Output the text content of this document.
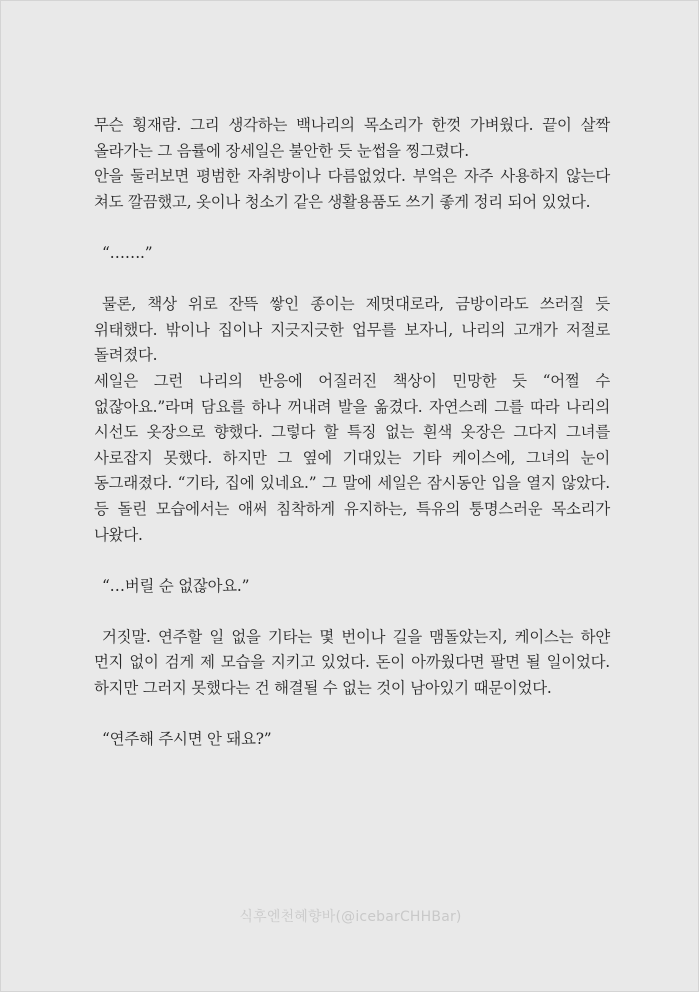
무슨 횡재람. 그리 생각하는 백나리의 목소리가 한껏 가벼웠다. 끝이 살짝 올라가는 그 음률에 장세일은 불안한 듯 눈썹을 찡그렸다.

안을 둘러보면 평범한 자취방이나 다름없었다. 부엌은 자주 사용하지 않는다 쳐도 깔끔했고, 옷이나 청소기 같은 생활용품도 쓰기 좋게 정리 되어 있었다.

“…….”

물론, 책상 위로 잔뜩 쌓인 종이는 제멋대로라, 금방이라도 쓰러질 듯 위태했다. 밖이나 집이나 지긋지긋한 업무를 보자니, 나리의 고개가 저절로 돌려졌다.

세일은 그런 나리의 반응에 어질러진 책상이 민망한 듯 “어쩔 수 없잖아요.”라며 담요를 하나 꺼내려 발을 옮겼다. 자연스레 그를 따라 나리의 시선도 옷장으로 향했다. 그렇다 할 특징 없는 흰색 옷장은 그다지 그녀를 사로잡지 못했다. 하지만 그 옆에 기대있는 기타 케이스에, 그녀의 눈이 동그래졌다. “기타, 집에 있네요.” 그 말에 세일은 잠시동안 입을 열지 않았다. 등 돌린 모습에서는 애써 침착하게 유지하는, 특유의 퉁명스러운 목소리가 나왔다.

“…버릴 순 없잖아요.”

거짓말. 연주할 일 없을 기타는 몇 번이나 길을 맴돌았는지, 케이스는 하얀 먼지 없이 검게 제 모습을 지키고 있었다. 돈이 아까웠다면 팔면 될 일이었다. 하지만 그러지 못했다는 건 해결될 수 없는 것이 남아있기 때문이었다.

“연주해 주시면 안 돼요?”

식후엔천혜향바(@icebarCHHBar)
